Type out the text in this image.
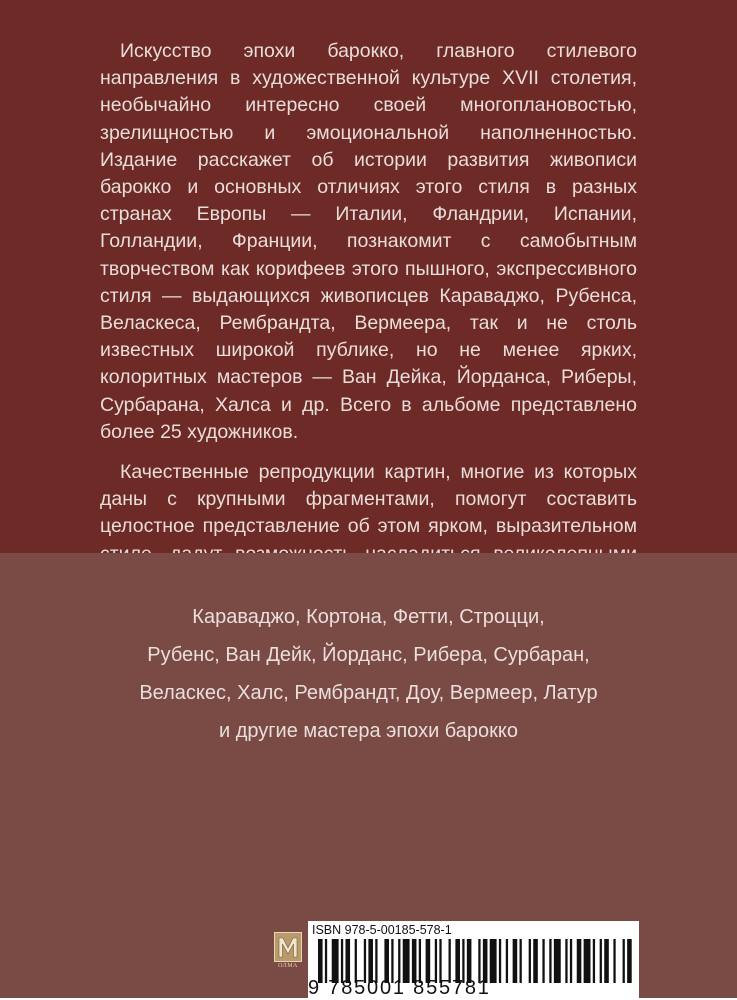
Искусство эпохи барокко, главного стилевого направления в художественной культуре XVII столетия, необычайно интересно своей многоплановостью, зрелищностью и эмоциональной наполненностью. Издание расскажет об истории развития живописи барокко и основных отличиях этого стиля в разных странах Европы — Италии, Фландрии, Испании, Голландии, Франции, познакомит с самобытным творчеством как корифеев этого пышного, экспрессивного стиля — выдающихся живописцев Караваджо, Рубенса, Веласкеса, Рембрандта, Вермеера, так и не столь известных широкой публике, но не менее ярких, колоритных мастеров — Ван Дейка, Йорданса, Риберы, Сурбарана, Халса и др. Всего в альбоме представлено более 25 художников.

Качественные репродукции картин, многие из которых даны с крупными фрагментами, помогут составить целостное представление об этом ярком, выразительном

Караваджо, Кортона, Фетти, Строцци,
Рубенс, Ван Дейк, Йорданс, Рибера, Сурбаран,
Веласкес, Халс, Рембрандт, Доу, Вермеер, Латур
и другие мастера эпохи барокко
ОЛМА
ISBN 978-5-00185-578-1
9 785001 855781
